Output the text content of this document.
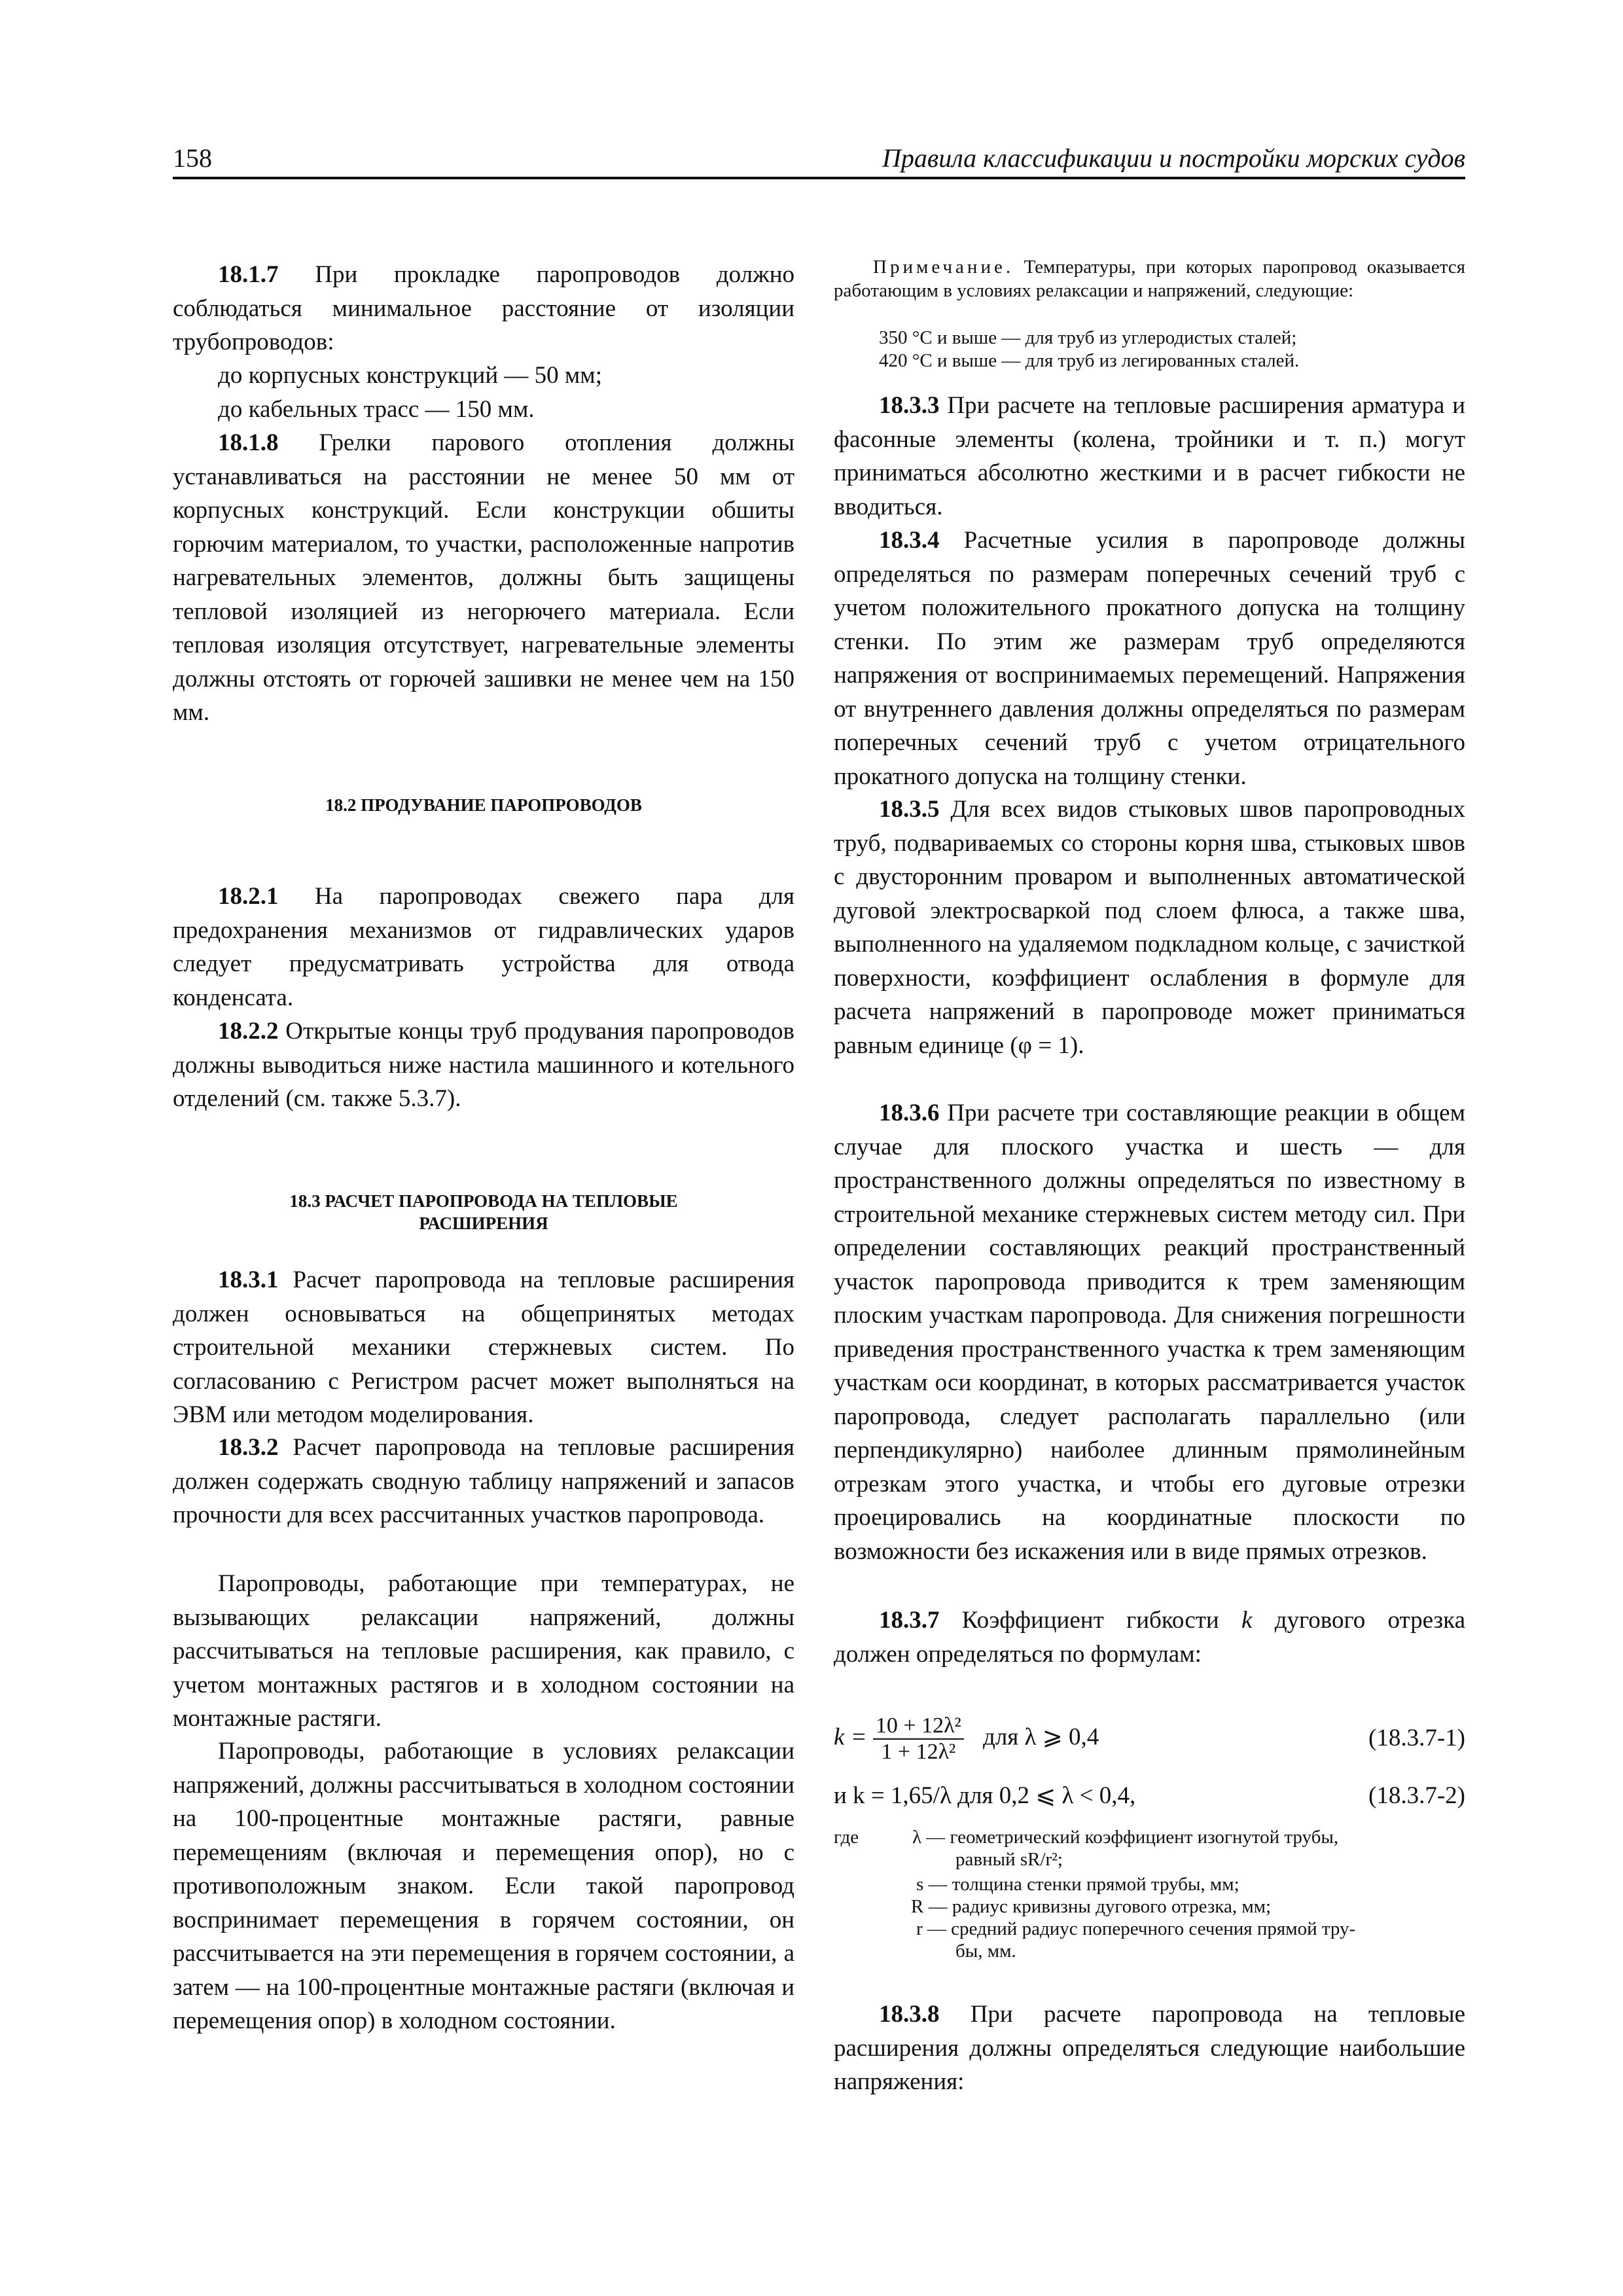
158	Правила классификации и постройки морских судов

18.1.7 При прокладке паропроводов должно соблюдаться минимальное расстояние от изоляции трубопроводов:

до корпусных конструкций — 50 мм;

до кабельных трасс — 150 мм.

18.1.8 Грелки парового отопления должны устанавливаться на расстоянии не менее 50 мм от корпусных конструкций. Если конструкции обшиты горючим материалом, то участки, расположенные напротив нагревательных элементов, должны быть защищены тепловой изоляцией из негорючего материала. Если тепловая изоляция отсутствует, нагревательные элементы должны отстоять от горючей зашивки не менее чем на 150 мм.

18.2 ПРОДУВАНИЕ ПАРОПРОВОДОВ

18.2.1 На паропроводах свежего пара для предохранения механизмов от гидравлических ударов следует предусматривать устройства для отвода конденсата.

18.2.2 Открытые концы труб продувания паропроводов должны выводиться ниже настила машинного и котельного отделений (см. также 5.3.7).

18.3 РАСЧЕТ ПАРОПРОВОДА НА ТЕПЛОВЫЕ
РАСШИРЕНИЯ

18.3.1 Расчет паропровода на тепловые расширения должен основываться на общепринятых методах строительной механики стержневых систем. По согласованию с Регистром расчет может выполняться на ЭВМ или методом моделирования.

18.3.2 Расчет паропровода на тепловые расширения должен содержать сводную таблицу напряжений и запасов прочности для всех рассчитанных участков паропровода.

Паропроводы, работающие при температурах, не вызывающих релаксации напряжений, должны рассчитываться на тепловые расширения, как правило, с учетом монтажных растягов и в холодном состоянии на монтажные растяги.

Паропроводы, работающие в условиях релаксации напряжений, должны рассчитываться в холодном состоянии на 100-процентные монтажные растяги, равные перемещениям (включая и перемещения опор), но с противоположным знаком. Если такой паропровод воспринимает перемещения в горячем состоянии, он рассчитывается на эти перемещения в горячем состоянии, а затем — на 100-процентные монтажные растяги (включая и перемещения опор) в холодном состоянии.

Примечание. Температуры, при которых паропровод оказывается работающим в условиях релаксации и напряжений, следующие:
350 °С и выше — для труб из углеродистых сталей;
420 °С и выше — для труб из легированных сталей.

18.3.3 При расчете на тепловые расширения арматура и фасонные элементы (колена, тройники и т. п.) могут приниматься абсолютно жесткими и в расчет гибкости не вводиться.

18.3.4 Расчетные усилия в паропроводе должны определяться по размерам поперечных сечений труб с учетом положительного прокатного допуска на толщину стенки. По этим же размерам труб определяются напряжения от воспринимаемых перемещений. Напряжения от внутреннего давления должны определяться по размерам поперечных сечений труб с учетом отрицательного прокатного допуска на толщину стенки.

18.3.5 Для всех видов стыковых швов паропроводных труб, подвариваемых со стороны корня шва, стыковых швов с двусторонним проваром и выполненных автоматической дуговой электросваркой под слоем флюса, а также шва, выполненного на удаляемом подкладном кольце, с зачисткой поверхности, коэффициент ослабления в формуле для расчета напряжений в паропроводе может приниматься равным единице (φ = 1).

18.3.6 При расчете три составляющие реакции в общем случае для плоского участка и шесть — для пространственного должны определяться по известному в строительной механике стержневых систем методу сил. При определении составляющих реакций пространственный участок паропровода приводится к трем заменяющим плоским участкам паропровода. Для снижения погрешности приведения пространственного участка к трем заменяющим участкам оси координат, в которых рассматривается участок паропровода, следует располагать параллельно (или перпендикулярно) наиболее длинным прямолинейным отрезкам этого участка, и чтобы его дуговые отрезки проецировались на координатные плоскости по возможности без искажения или в виде прямых отрезков.

18.3.7 Коэффициент гибкости k дугового отрезка должен определяться по формулам:

$k = \frac{\text{10 + 12λ²}}{\text{1 + 12λ²}}$ для λ ⩾ 0,4	(18.3.7-1)
и k = 1,65/λ для 0,2 ⩽ λ < 0,4,	(18.3.7-2)
где	λ — геометрический коэффициент изогнутой трубы,
равный sR/r²;
s — толщина стенки прямой трубы, мм;
R — радиус кривизны дугового отрезка, мм;
r — средний радиус поперечного сечения прямой тру-
бы, мм.

18.3.8 При расчете паропровода на тепловые расширения должны определяться следующие наибольшие напряжения:
